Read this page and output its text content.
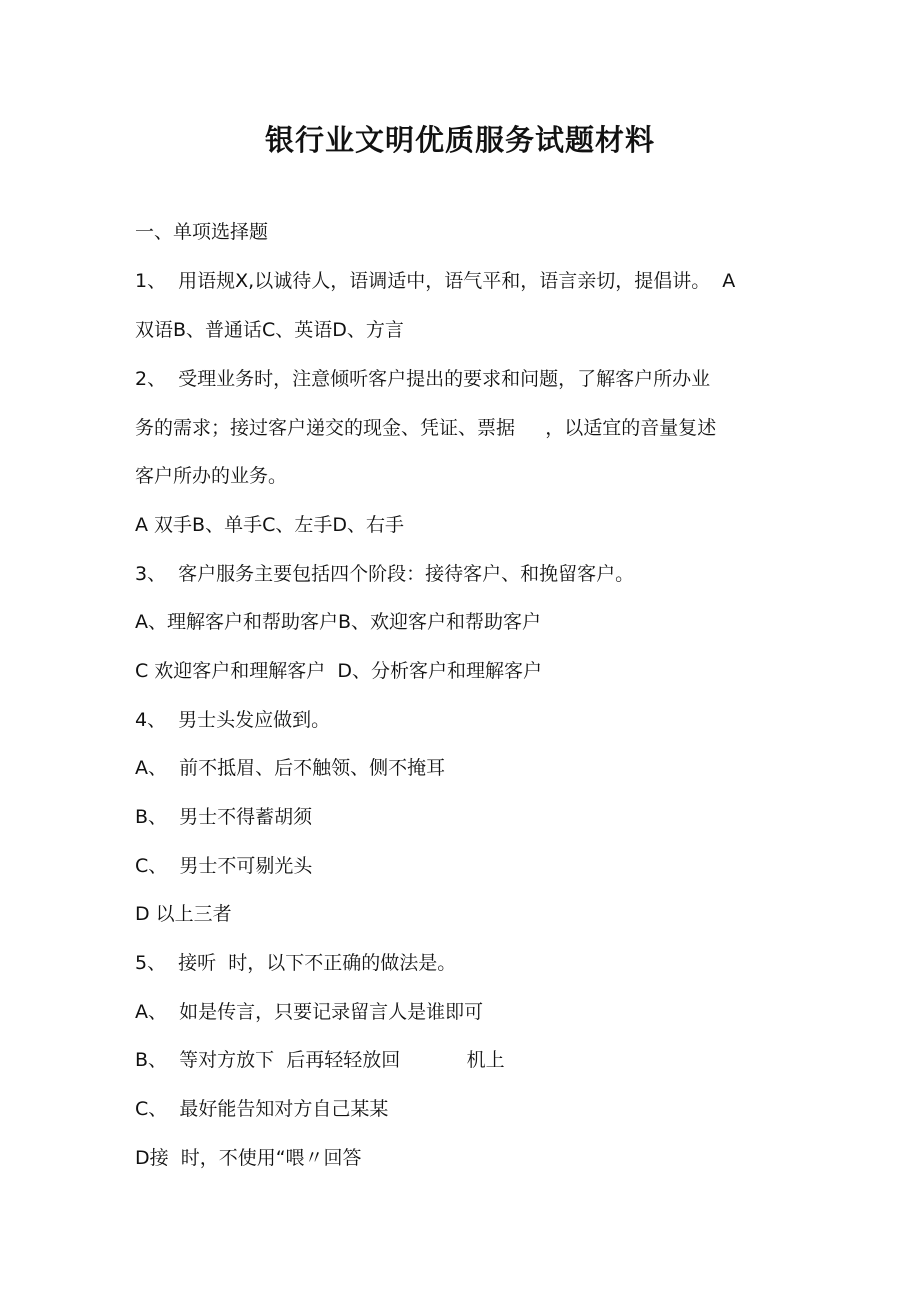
银行业文明优质服务试题材料
一、单项选择题
1、  用语规X,以诚待人，语调适中，语气平和，语言亲切，提倡讲。  A
双语B、普通话C、英语D、方言
2、  受理业务时，注意倾听客户提出的要求和问题，了解客户所办业
务的需求；接过客户递交的现金、凭证、票据     ，以适宜的音量复述
客户所办的业务。
A 双手B、单手C、左手D、右手
3、  客户服务主要包括四个阶段：接待客户、和挽留客户。
A、理解客户和帮助客户B、欢迎客户和帮助客户
C 欢迎客户和理解客户  D、分析客户和理解客户
4、  男士头发应做到。
A、  前不抵眉、后不触领、侧不掩耳
B、  男士不得蓄胡须
C、  男士不可剔光头
D 以上三者
5、  接听  时，以下不正确的做法是。
A、  如是传言，只要记录留言人是谁即可
B、  等对方放下  后再轻轻放回           机上
C、  最好能告知对方自己某某
D接  时，不使用“喂〃回答
